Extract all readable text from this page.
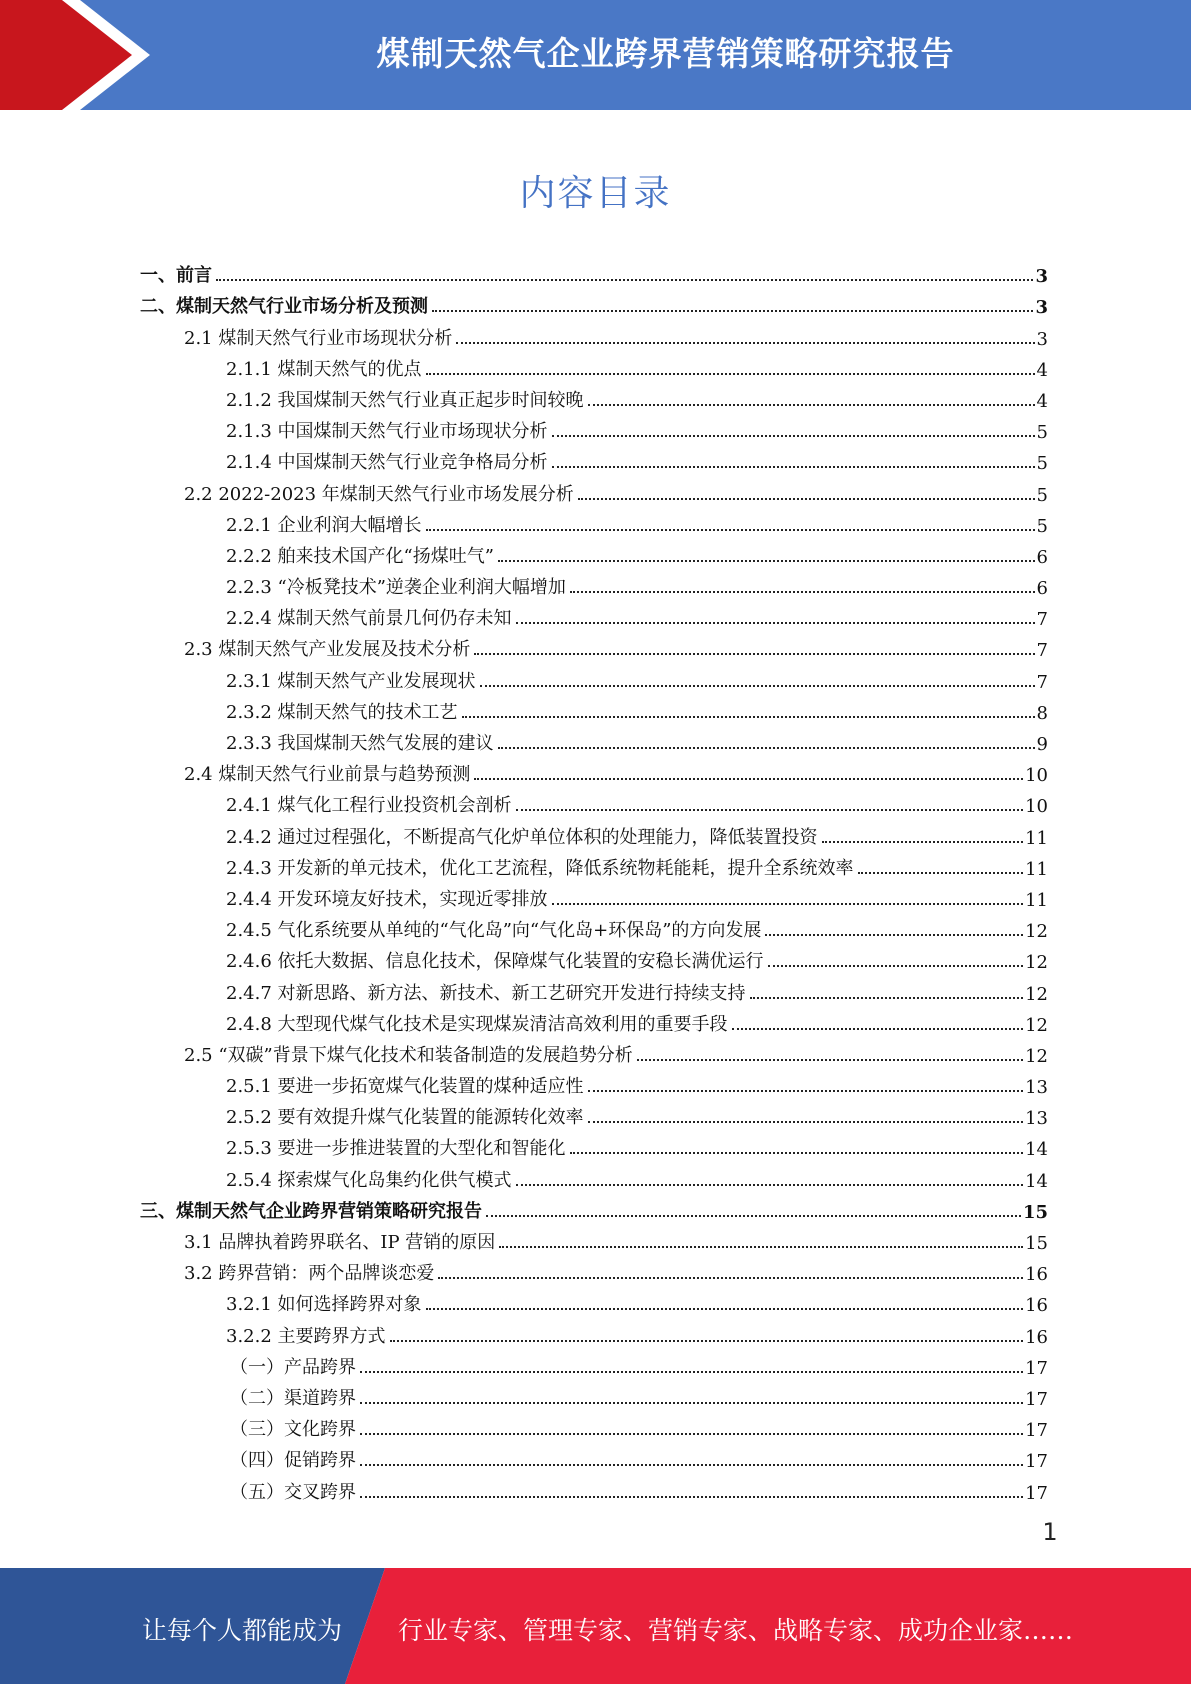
煤制天然气企业跨界营销策略研究报告
内容目录
一、前言	3
二、煤制天然气行业市场分析及预测	3
2.1 煤制天然气行业市场现状分析	3
2.1.1 煤制天然气的优点	4
2.1.2 我国煤制天然气行业真正起步时间较晚	4
2.1.3 中国煤制天然气行业市场现状分析	5
2.1.4 中国煤制天然气行业竞争格局分析	5
2.2 2022-2023 年煤制天然气行业市场发展分析	5
2.2.1 企业利润大幅增长	5
2.2.2 舶来技术国产化“扬煤吐气”	6
2.2.3 “冷板凳技术”逆袭企业利润大幅增加	6
2.2.4 煤制天然气前景几何仍存未知	7
2.3 煤制天然气产业发展及技术分析	7
2.3.1 煤制天然气产业发展现状	7
2.3.2 煤制天然气的技术工艺	8
2.3.3 我国煤制天然气发展的建议	9
2.4 煤制天然气行业前景与趋势预测	10
2.4.1 煤气化工程行业投资机会剖析	10
2.4.2 通过过程强化，不断提高气化炉单位体积的处理能力，降低装置投资	11
2.4.3 开发新的单元技术，优化工艺流程，降低系统物耗能耗，提升全系统效率	11
2.4.4 开发环境友好技术，实现近零排放	11
2.4.5 气化系统要从单纯的“气化岛”向“气化岛+环保岛”的方向发展	12
2.4.6 依托大数据、信息化技术，保障煤气化装置的安稳长满优运行	12
2.4.7 对新思路、新方法、新技术、新工艺研究开发进行持续支持	12
2.4.8 大型现代煤气化技术是实现煤炭清洁高效利用的重要手段	12
2.5 “双碳”背景下煤气化技术和装备制造的发展趋势分析	12
2.5.1 要进一步拓宽煤气化装置的煤种适应性	13
2.5.2 要有效提升煤气化装置的能源转化效率	13
2.5.3 要进一步推进装置的大型化和智能化	14
2.5.4 探索煤气化岛集约化供气模式	14
三、煤制天然气企业跨界营销策略研究报告	15
3.1 品牌执着跨界联名、IP 营销的原因	15
3.2 跨界营销：两个品牌谈恋爱	16
3.2.1 如何选择跨界对象	16
3.2.2 主要跨界方式	16
（一）产品跨界	17
（二）渠道跨界	17
（三）文化跨界	17
（四）促销跨界	17
（五）交叉跨界	17
1
让每个人都能成为 行业专家、管理专家、营销专家、战略专家、成功企业家……
